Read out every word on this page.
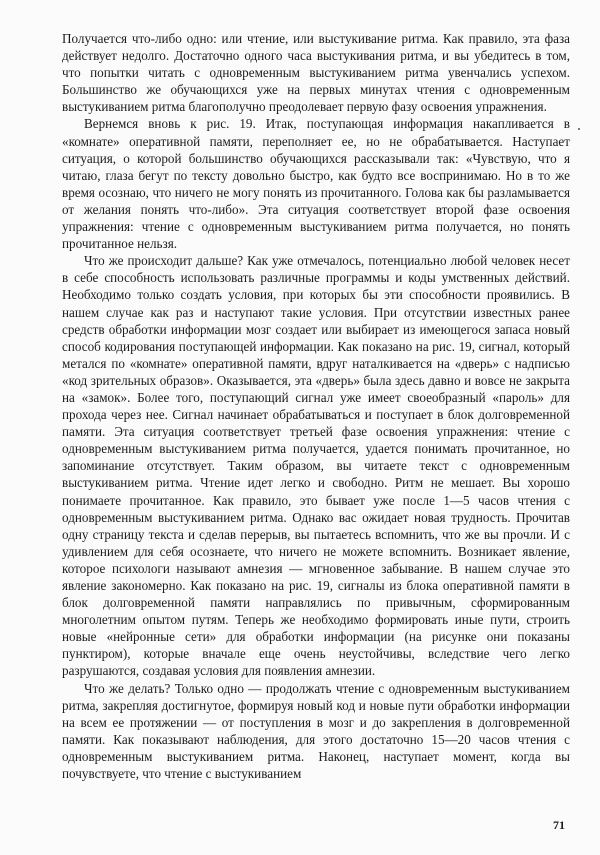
Получается что-либо одно: или чтение, или выстукивание ритма. Как правило, эта фаза действует недолго. Достаточно одного часа выстукивания ритма, и вы убедитесь в том, что попытки читать с одновременным выстукиванием ритма увенчались успехом. Большинство же обучающихся уже на первых минутах чтения с одновременным выстукиванием ритма благополучно преодолевает первую фазу освоения упражнения.

Вернемся вновь к рис. 19. Итак, поступающая информация накапливается в «комнате» оперативной памяти, переполняет ее, но не обрабатывается. Наступает ситуация, о которой большинство обучающихся рассказывали так: «Чувствую, что я читаю, глаза бегут по тексту довольно быстро, как будто все воспринимаю. Но в то же время осознаю, что ничего не могу понять из прочитанного. Голова как бы разламывается от желания понять что-либо». Эта ситуация соответствует второй фазе освоения упражнения: чтение с одновременным выстукиванием ритма получается, но понять прочитанное нельзя.

Что же происходит дальше? Как уже отмечалось, потенциально любой человек несет в себе способность использовать различные программы и коды умственных действий. Необходимо только создать условия, при которых бы эти способности проявились. В нашем случае как раз и наступают такие условия. При отсутствии известных ранее средств обработки информации мозг создает или выбирает из имеющегося запаса новый способ кодирования поступающей информации. Как показано на рис. 19, сигнал, который метался по «комнате» оперативной памяти, вдруг наталкивается на «дверь» с надписью «код зрительных образов». Оказывается, эта «дверь» была здесь давно и вовсе не закрыта на «замок». Более того, поступающий сигнал уже имеет своеобразный «пароль» для прохода через нее. Сигнал начинает обрабатываться и поступает в блок долговременной памяти. Эта ситуация соответствует третьей фазе освоения упражнения: чтение с одновременным выстукиванием ритма получается, удается понимать прочитанное, но запоминание отсутствует. Таким образом, вы читаете текст с одновременным выстукиванием ритма. Чтение идет легко и свободно. Ритм не мешает. Вы хорошо понимаете прочитанное. Как правило, это бывает уже после 1—5 часов чтения с одновременным выстукиванием ритма. Однако вас ожидает новая трудность. Прочитав одну страницу текста и сделав перерыв, вы пытаетесь вспомнить, что же вы прочли. И с удивлением для себя осознаете, что ничего не можете вспомнить. Возникает явление, которое психологи называют амнезия — мгновенное забывание. В нашем случае это явление закономерно. Как показано на рис. 19, сигналы из блока оперативной памяти в блок долговременной памяти направлялись по привычным, сформированным многолетним опытом путям. Теперь же необходимо формировать иные пути, строить новые «нейронные сети» для обработки информации (на рисунке они показаны пунктиром), которые вначале еще очень неустойчивы, вследствие чего легко разрушаются, создавая условия для появления амнезии.

Что же делать? Только одно — продолжать чтение с одновременным выстукиванием ритма, закрепляя достигнутое, формируя новый код и новые пути обработки информации на всем ее протяжении — от поступления в мозг и до закрепления в долговременной памяти. Как показывают наблюдения, для этого достаточно 15—20 часов чтения с одновременным выстукиванием ритма. Наконец, наступает момент, когда вы почувствуете, что чтение с выстукиванием

71
